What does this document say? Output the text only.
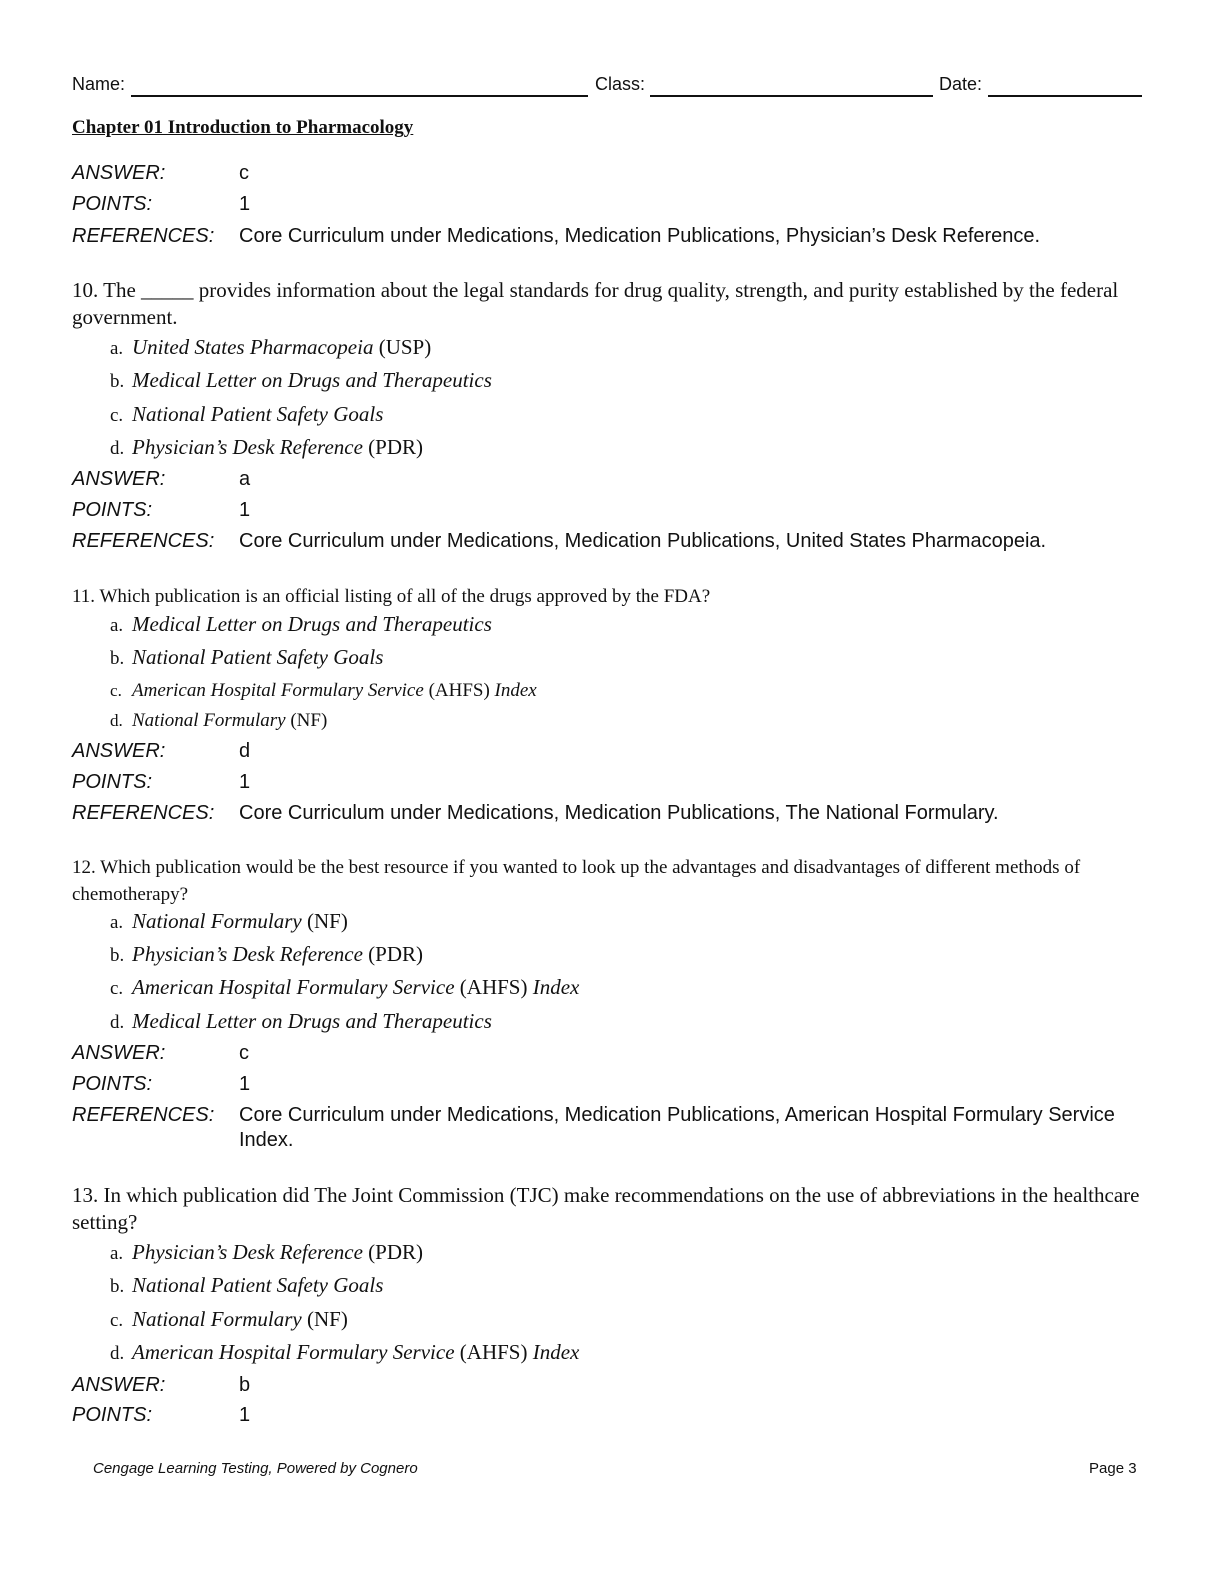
Name:	Class:	Date:
Chapter 01 Introduction to Pharmacology
ANSWER:	c
POINTS:	1
REFERENCES: Core Curriculum under Medications, Medication Publications, Physician’s Desk Reference.
10. The _____ provides information about the legal standards for drug quality, strength, and purity established by the federal government.
a. United States Pharmacopeia (USP)
b. Medical Letter on Drugs and Therapeutics
c. National Patient Safety Goals
d. Physician’s Desk Reference (PDR)
ANSWER:	a
POINTS:	1
REFERENCES: Core Curriculum under Medications, Medication Publications, United States Pharmacopeia.
11. Which publication is an official listing of all of the drugs approved by the FDA?
a. Medical Letter on Drugs and Therapeutics
b. National Patient Safety Goals
c. American Hospital Formulary Service (AHFS) Index
d. National Formulary (NF)
ANSWER:	d
POINTS:	1
REFERENCES: Core Curriculum under Medications, Medication Publications, The National Formulary.
12. Which publication would be the best resource if you wanted to look up the advantages and disadvantages of different methods of chemotherapy?
a. National Formulary (NF)
b. Physician’s Desk Reference (PDR)
c. American Hospital Formulary Service (AHFS) Index
d. Medical Letter on Drugs and Therapeutics
ANSWER:	c
POINTS:	1
REFERENCES: Core Curriculum under Medications, Medication Publications, American Hospital Formulary Service Index.
13. In which publication did The Joint Commission (TJC) make recommendations on the use of abbreviations in the healthcare setting?
a. Physician’s Desk Reference (PDR)
b. National Patient Safety Goals
c. National Formulary (NF)
d. American Hospital Formulary Service (AHFS) Index
ANSWER:	b
POINTS:	1
Cengage Learning Testing, Powered by Cognero	Page 3
